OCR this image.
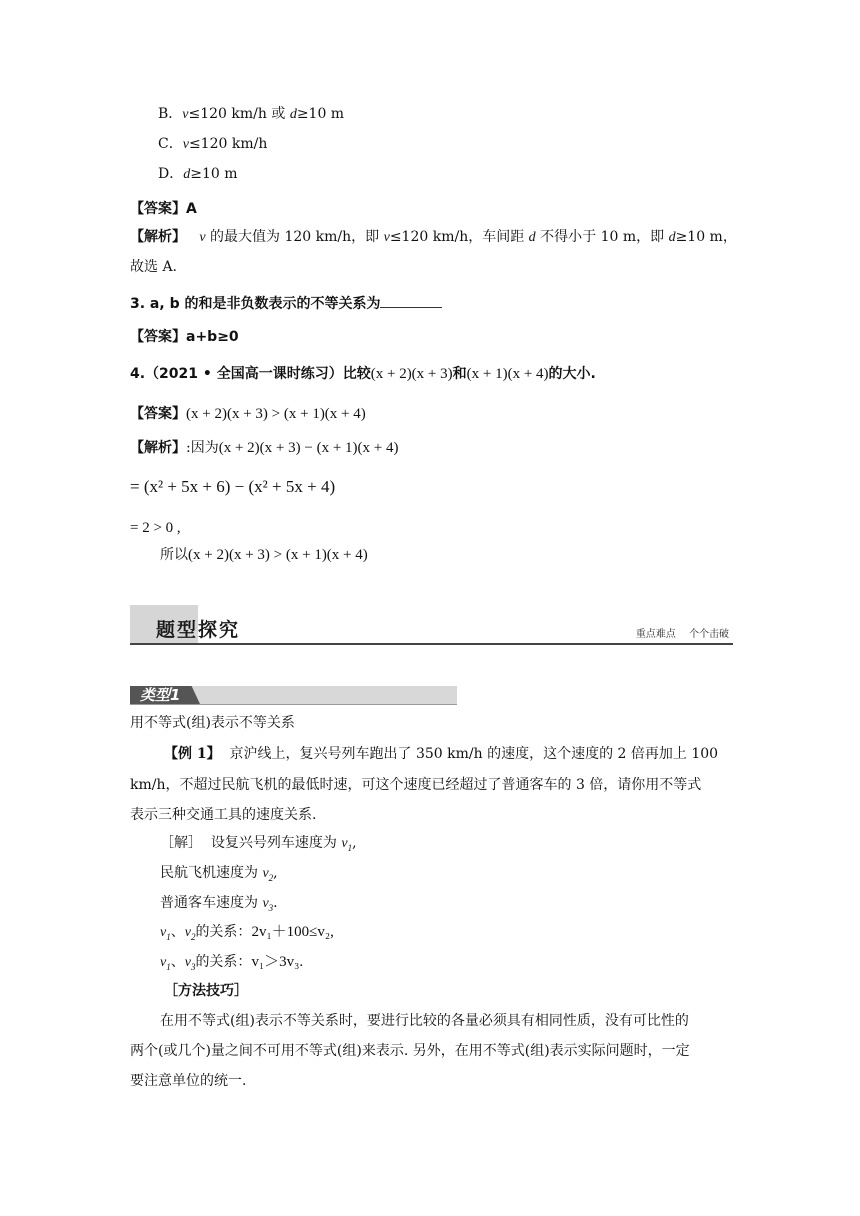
B．v≤120 km/h 或 d≥10 m
C．v≤120 km/h
D．d≥10 m
【答案】A
【解析】 v 的最大值为 120 km/h，即 v≤120 km/h，车间距 d 不得小于 10 m，即 d≥10 m，
故选 A.
3. a, b 的和是非负数表示的不等关系为
【答案】a+b≥0
4.（2021 • 全国高一课时练习）比较(x + 2)(x + 3)和(x + 1)(x + 4)的大小.
【答案】(x + 2)(x + 3) > (x + 1)(x + 4)
【解析】:因为(x + 2)(x + 3) − (x + 1)(x + 4)
= (x² + 5x + 6) − (x² + 5x + 4)
= 2 > 0 ,
所以(x + 2)(x + 3) > (x + 1)(x + 4)
题型探究	重点难点 个个击破
类型1
用不等式(组)表示不等关系
【例 1】 京沪线上，复兴号列车跑出了 350 km/h 的速度，这个速度的 2 倍再加上 100
km/h，不超过民航飞机的最低时速，可这个速度已经超过了普通客车的 3 倍，请你用不等式
表示三种交通工具的速度关系.
［解］ 设复兴号列车速度为 $v_1$,
民航飞机速度为 $v_2$,
普通客车速度为 $v_3$.
$v_1$、$v_2$的关系：2v₁＋100≤v₂,
$v_1$、$v_3$的关系：v₁＞3v₃.
［方法技巧］
在用不等式(组)表示不等关系时，要进行比较的各量必须具有相同性质，没有可比性的
两个(或几个)量之间不可用不等式(组)来表示. 另外，在用不等式(组)表示实际问题时，一定
要注意单位的统一.
